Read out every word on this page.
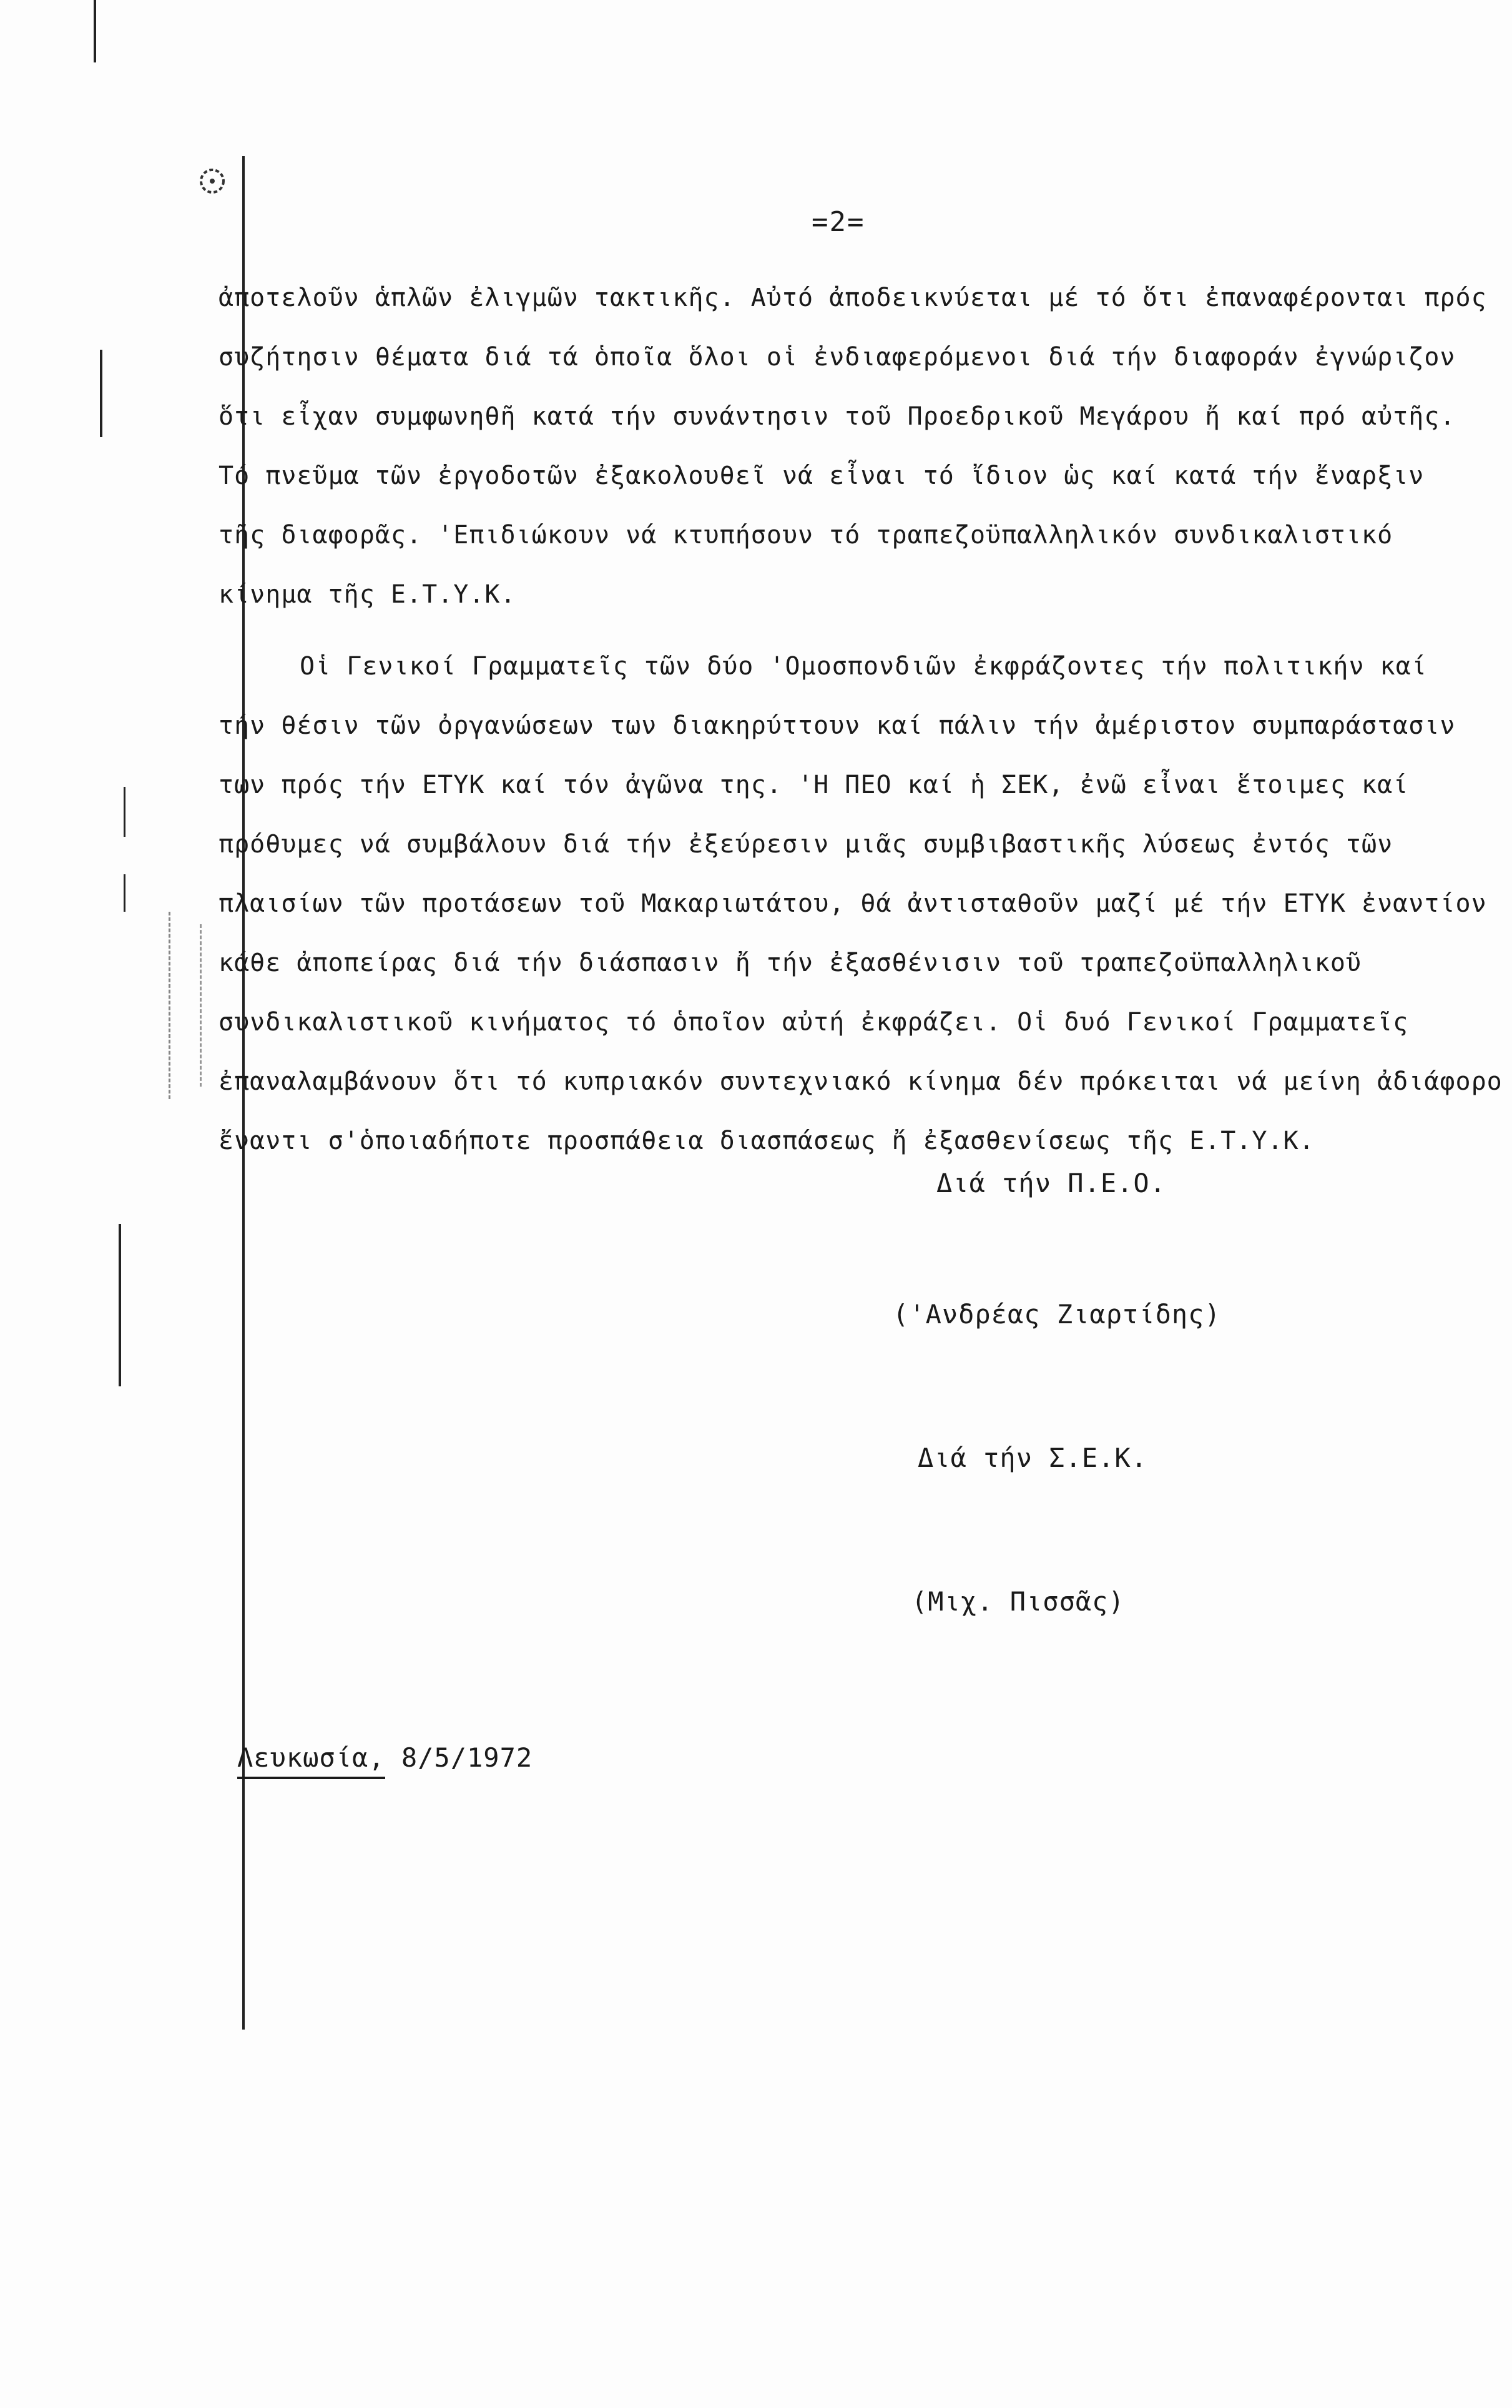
=2=
ἀποτελοῦν ἁπλῶν ἐλιγμῶν τακτικῆς. Αὐτό ἀποδεικνύεται μέ τό ὅτι ἐπαναφέρονται πρός
συζήτησιν θέματα διά τά ὁποῖα ὅλοι οἱ ἐνδιαφερόμενοι διά τήν διαφοράν ἐγνώριζον
ὅτι εἶχαν συμφωνηθῆ κατά τήν συνάντησιν τοῦ Προεδρικοῦ Μεγάρου ἤ καί πρό αὐτῆς.
Τό πνεῦμα τῶν ἐργοδοτῶν ἐξακολουθεῖ νά εἶναι τό ἴδιον ὡς καί κατά τήν ἔναρξιν
τῆς διαφορᾶς. 'Επιδιώκουν νά κτυπήσουν τό τραπεζοϋπαλληλικόν συνδικαλιστικό
κίνημα τῆς Ε.Τ.Υ.Κ.
Οἱ Γενικοί Γραμματεῖς τῶν δύο 'Ομοσπονδιῶν ἐκφράζοντες τήν πολιτικήν καί
τήν θέσιν τῶν ὀργανώσεων των διακηρύττουν καί πάλιν τήν ἀμέριστον συμπαράστασιν
των πρός τήν ΕΤΥΚ καί τόν ἀγῶνα της. 'Η ΠΕΟ καί ἡ ΣΕΚ, ἐνῶ εἶναι ἕτοιμες καί
πρόθυμες νά συμβάλουν διά τήν ἐξεύρεσιν μιᾶς συμβιβαστικῆς λύσεως ἐντός τῶν
πλαισίων τῶν προτάσεων τοῦ Μακαριωτάτου, θά ἀντισταθοῦν μαζί μέ τήν ΕΤΥΚ ἐναντίον
κάθε ἀποπείρας διά τήν διάσπασιν ἤ τήν ἐξασθένισιν τοῦ τραπεζοϋπαλληλικοῦ
συνδικαλιστικοῦ κινήματος τό ὁποῖον αὐτή ἐκφράζει. Οἱ δυό Γενικοί Γραμματεῖς
ἐπαναλαμβάνουν ὅτι τό κυπριακόν συντεχνιακό κίνημα δέν πρόκειται νά μείνη ἀδιάφορο
ἔναντι σ'ὁποιαδήποτε προσπάθεια διασπάσεως ἤ ἐξασθενίσεως τῆς Ε.Τ.Υ.Κ.
Διά τήν Π.Ε.Ο.
('Ανδρέας Ζιαρτίδης)
Διά τήν Σ.Ε.Κ.
(Μιχ. Πισσᾶς)
Λευκωσία, 8/5/1972
